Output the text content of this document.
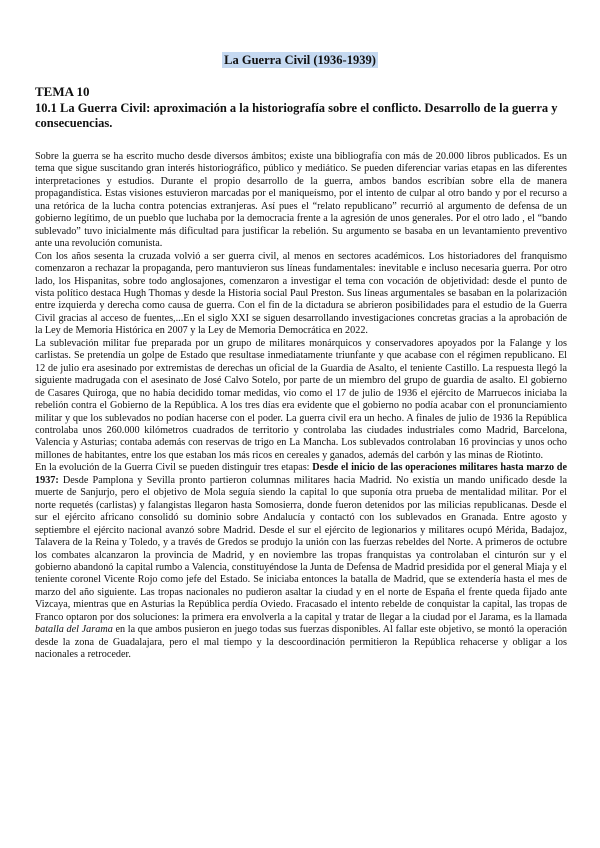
La Guerra Civil (1936-1939)
TEMA 10
10.1 La Guerra Civil: aproximación a la historiografía sobre el conflicto. Desarrollo de la guerra y consecuencias.

Sobre la guerra se ha escrito mucho desde diversos ámbitos; existe una bibliografía con más de 20.000 libros publicados. Es un tema que sigue suscitando gran interés historiográfico, público y mediático. Se pueden diferenciar varias etapas en las diferentes interpretaciones y estudios. Durante el propio desarrollo de la guerra, ambos bandos escribían sobre ella de manera propagandística. Estas visiones estuvieron marcadas por el maniqueísmo, por el intento de culpar al otro bando y por el recurso a una retórica de la lucha contra potencias extranjeras. Así pues el “relato republicano” recurrió al argumento de defensa de un gobierno legítimo, de un pueblo que luchaba por la democracia frente a la agresión de unos generales. Por el otro lado , el “bando sublevado” tuvo inicialmente más dificultad para justificar la rebelión. Su argumento se basaba en un levantamiento preventivo ante una revolución comunista.

Con los años sesenta la cruzada volvió a ser guerra civil, al menos en sectores académicos. Los historiadores del franquismo comenzaron a rechazar la propaganda, pero mantuvieron sus líneas fundamentales: inevitable e incluso necesaria guerra. Por otro lado, los Hispanitas, sobre todo anglosajones, comenzaron a investigar el tema con vocación de objetividad: desde el punto de vista político destaca Hugh Thomas y desde la Historia social Paul Preston. Sus líneas argumentales se basaban en la polarización entre izquierda y derecha como causa de guerra. Con el fin de la dictadura se abrieron posibilidades para el estudio de la Guerra Civil gracias al acceso de fuentes,...En el siglo XXI se siguen desarrollando investigaciones concretas gracias a la aprobación de la Ley de Memoria Histórica en 2007 y la Ley de Memoria Democrática en 2022.

La sublevación militar fue preparada por un grupo de militares monárquicos y conservadores apoyados por la Falange y los carlistas. Se pretendía un golpe de Estado que resultase inmediatamente triunfante y que acabase con el régimen republicano. El 12 de julio era asesinado por extremistas de derechas un oficial de la Guardia de Asalto, el teniente Castillo. La respuesta llegó la siguiente madrugada con el asesinato de José Calvo Sotelo, por parte de un miembro del grupo de guardia de asalto. El gobierno de Casares Quiroga, que no había decidido tomar medidas, vio como el 17 de julio de 1936 el ejército de Marruecos iniciaba la rebelión contra el Gobierno de la República. A los tres días era evidente que el gobierno no podía acabar con el pronunciamiento militar y que los sublevados no podían hacerse con el poder. La guerra civil era un hecho. A finales de julio de 1936 la República controlaba unos 260.000 kilómetros cuadrados de territorio y controlaba las ciudades industriales como Madrid, Barcelona, Valencia y Asturias; contaba además con reservas de trigo en La Mancha. Los sublevados controlaban 16 provincias y unos ocho millones de habitantes, entre los que estaban los más ricos en cereales y ganados, además del carbón y las minas de Riotinto.

En la evolución de la Guerra Civil se pueden distinguir tres etapas: Desde el inicio de las operaciones militares hasta marzo de 1937: Desde Pamplona y Sevilla pronto partieron columnas militares hacia Madrid. No existía un mando unificado desde la muerte de Sanjurjo, pero el objetivo de Mola seguía siendo la capital lo que suponía otra prueba de mentalidad militar. Por el norte requetés (carlistas) y falangistas llegaron hasta Somosierra, donde fueron detenidos por las milicias republicanas. Desde el sur el ejército africano consolidó su dominio sobre Andalucía y contactó con los sublevados en Granada. Entre agosto y septiembre el ejército nacional avanzó sobre Madrid. Desde el sur el ejército de legionarios y militares ocupó Mérida, Badajoz, Talavera de la Reina y Toledo, y a través de Gredos se produjo la unión con las fuerzas rebeldes del Norte. A primeros de octubre los combates alcanzaron la provincia de Madrid, y en noviembre las tropas franquistas ya controlaban el cinturón sur y el gobierno abandonó la capital rumbo a Valencia, constituyéndose la Junta de Defensa de Madrid presidida por el general Miaja y el teniente coronel Vicente Rojo como jefe del Estado. Se iniciaba entonces la batalla de Madrid, que se extendería hasta el mes de marzo del año siguiente. Las tropas nacionales no pudieron asaltar la ciudad y en el norte de España el frente queda fijado ante Vizcaya, mientras que en Asturias la República perdía Oviedo. Fracasado el intento rebelde de conquistar la capital, las tropas de Franco optaron por dos soluciones: la primera era envolverla a la capital y tratar de llegar a la ciudad por el Jarama, es la llamada batalla del Jarama en la que ambos pusieron en juego todas sus fuerzas disponibles. Al fallar este objetivo, se montó la operación desde la zona de Guadalajara, pero el mal tiempo y la descoordinación permitieron la República rehacerse y obligar a los nacionales a retroceder.
